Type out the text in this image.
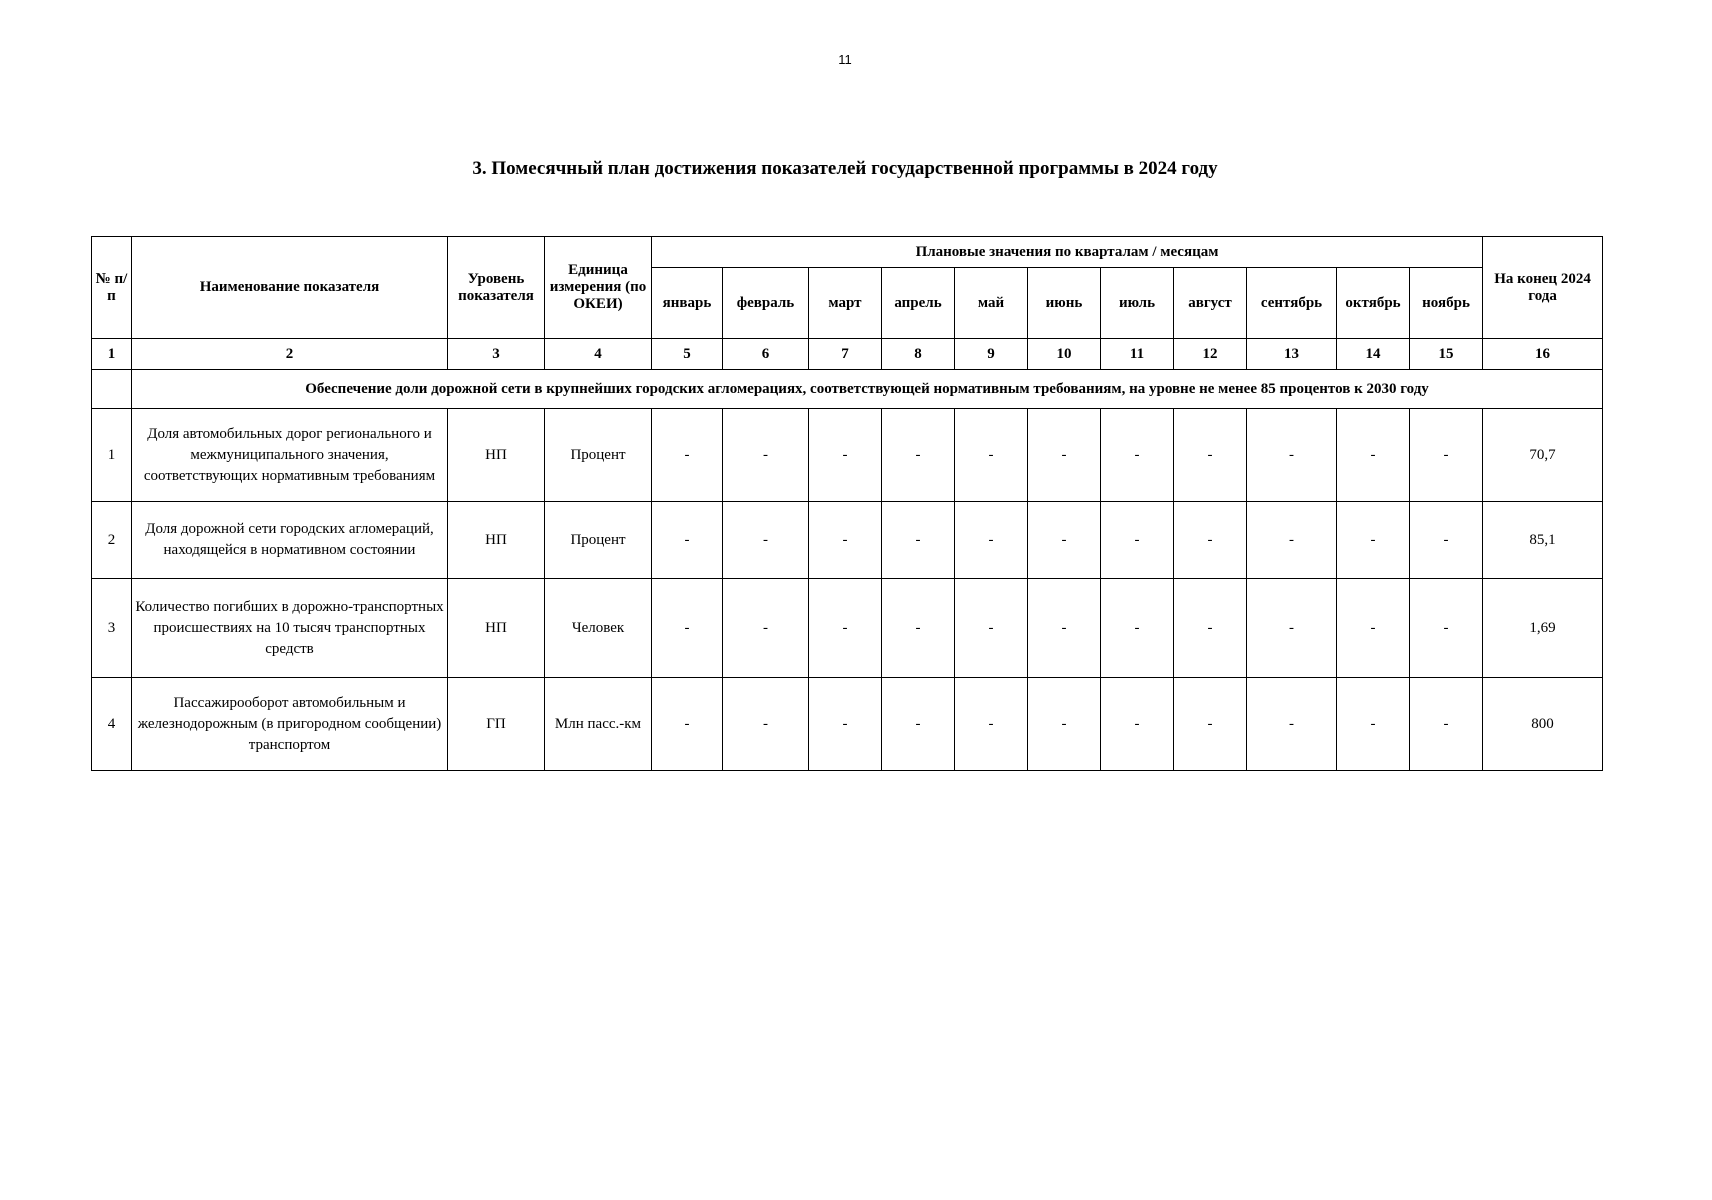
11
3. Помесячный план достижения показателей государственной программы в 2024 году
№ п/п	Наименование показателя	Уровень показателя	Единица измерения (по ОКЕИ)	Плановые значения по кварталам / месяцам											На конец 2024 года
				январь	февраль	март	апрель	май	июнь	июль	август	сентябрь	октябрь	ноябрь	
1	2	3	4	5	6	7	8	9	10	11	12	13	14	15	16
	Обеспечение доли дорожной сети в крупнейших городских агломерациях, соответствующей нормативным требованиям, на уровне не менее 85 процентов к 2030 году														
1	Доля автомобильных дорог регионального и межмуниципального значения, соответствующих нормативным требованиям	НП	Процент	-	-	-	-	-	-	-	-	-	-	-	70,7
2	Доля дорожной сети городских агломераций, находящейся в нормативном состоянии	НП	Процент	-	-	-	-	-	-	-	-	-	-	-	85,1
3	Количество погибших в дорожно-транспортных происшествиях на 10 тысяч транспортных средств	НП	Человек	-	-	-	-	-	-	-	-	-	-	-	1,69
4	Пассажирооборот автомобильным и железнодорожным (в пригородном сообщении) транспортом	ГП	Млн пасс.-км	-	-	-	-	-	-	-	-	-	-	-	800
